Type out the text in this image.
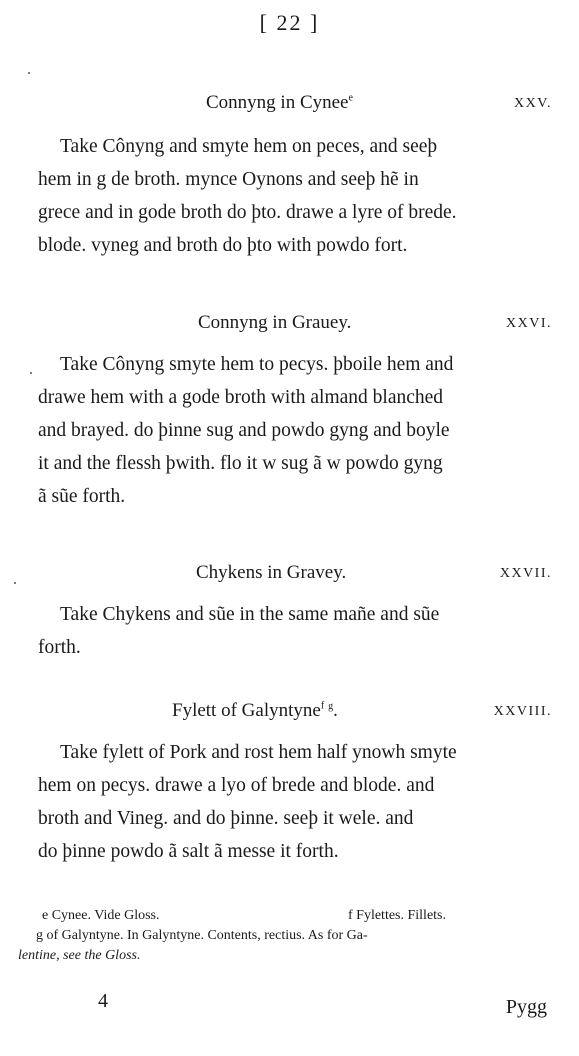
[ 22 ]
Connyng in Cynee$^e$	XXV.
Take Cônyng and smyte hem on peces, and seeþ
hem in g de broth. mynce Oynons and seeþ hẽ in
grece and in gode broth do þto. drawe a lyre of brede.
blode. vyneg and broth do þto with powdo fort.
Connyng in Grauey.	XXVI.
Take Cônyng smyte hem to pecys. þboile hem and
drawe hem with a gode broth with almand blanched
and brayed. do þinne sug and powdo gyng and boyle
it and the flessh þwith. flo it w sug ã w powdo gyng
ã sũe forth.
Chykens in Gravey.	XXVII.
Take Chykens and sũe in the same mañe and sũe
forth.
Fylett of Galyntyne$^f$ $^g$.	XXVIII.
Take fylett of Pork and rost hem half ynowh smyte
hem on pecys. drawe a lyo of brede and blode. and
broth and Vineg. and do þinne. seeþ it wele. and
do þinne powdo ã salt ã messe it forth.
e Cynee. Vide Gloss.	f Fylettes. Fillets.
g of Galyntyne. In Galyntyne. Contents, rectius. As for Ga-
lentine, see the Gloss.
4	Pygg
